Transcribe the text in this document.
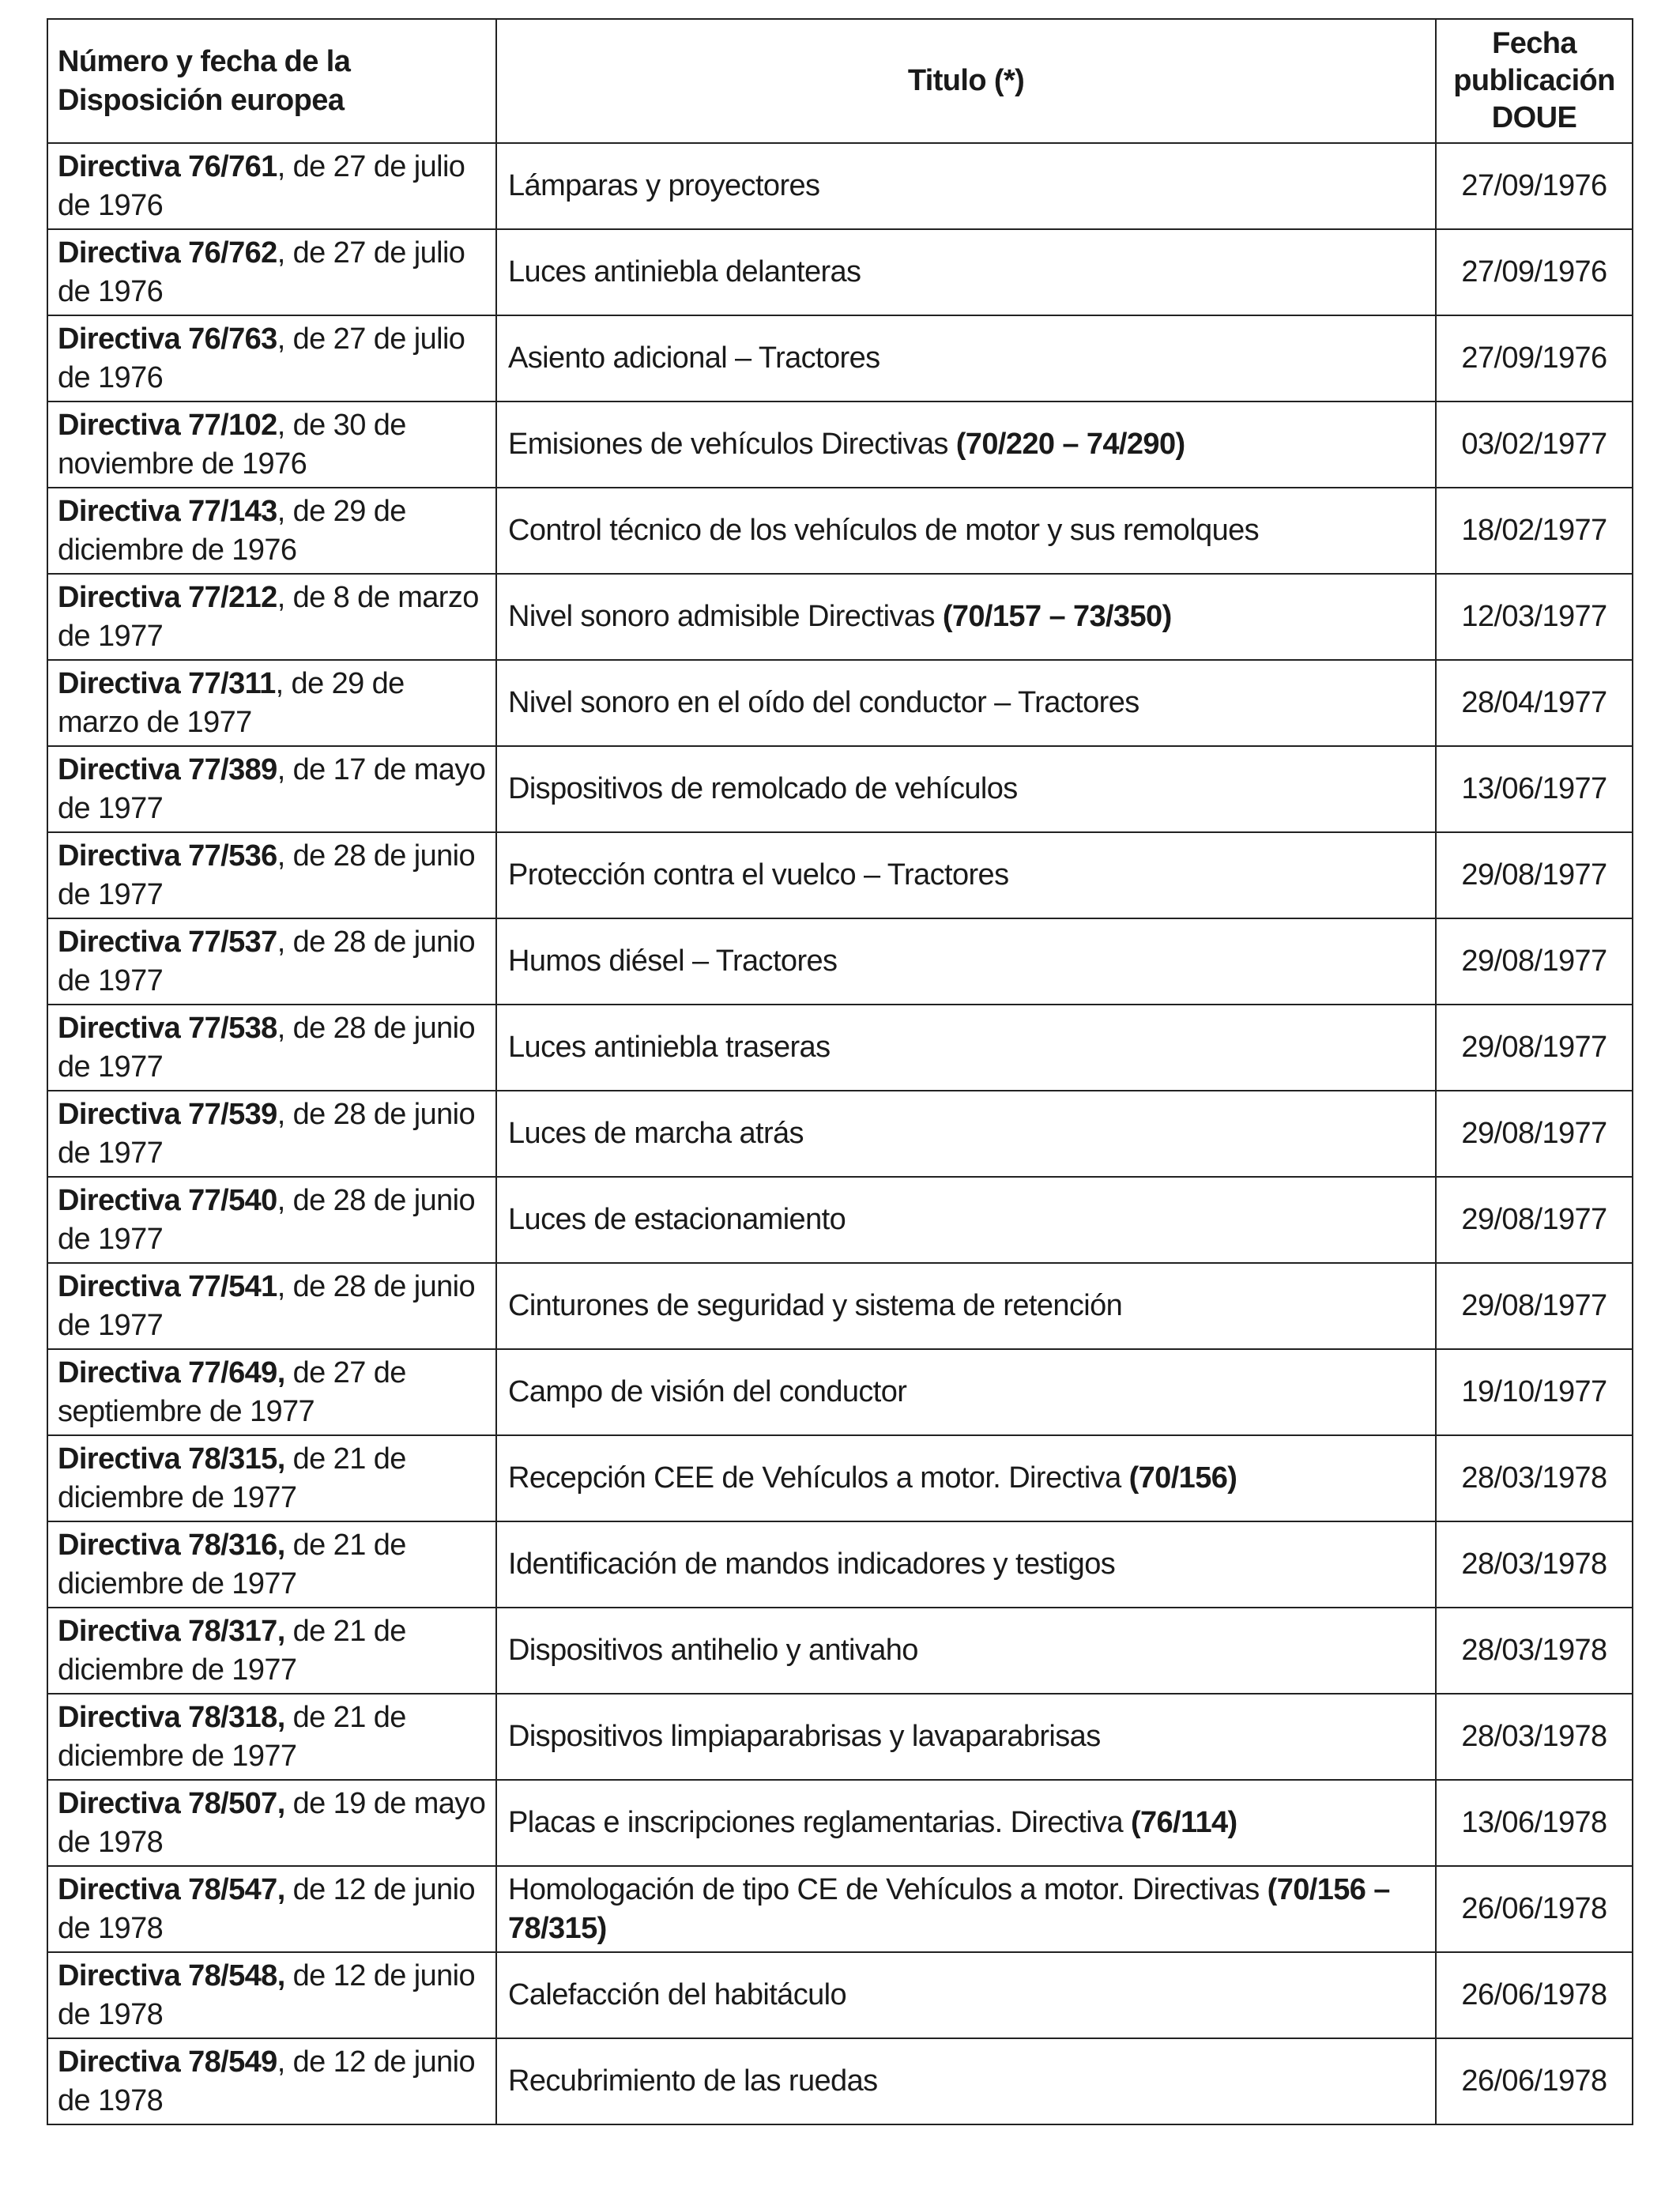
Número y fecha de la
Disposición europea	Titulo (*)	Fecha
publicación
DOUE

Directiva 76/761, de 27 de julio de 1976	Lámparas y proyectores	27/09/1976
Directiva 76/762, de 27 de julio de 1976	Luces antiniebla delanteras	27/09/1976
Directiva 76/763, de 27 de julio de 1976	Asiento adicional – Tractores	27/09/1976
Directiva 77/102, de 30 de noviembre de 1976	Emisiones de vehículos Directivas (70/220 – 74/290)	03/02/1977
Directiva 77/143, de 29 de diciembre de 1976	Control técnico de los vehículos de motor y sus remolques	18/02/1977
Directiva 77/212, de 8 de marzo de 1977	Nivel sonoro admisible Directivas (70/157 – 73/350)	12/03/1977
Directiva 77/311, de 29 de marzo de 1977	Nivel sonoro en el oído del conductor – Tractores	28/04/1977
Directiva 77/389, de 17 de mayo de 1977	Dispositivos de remolcado de vehículos	13/06/1977
Directiva 77/536, de 28 de junio de 1977	Protección contra el vuelco – Tractores	29/08/1977
Directiva 77/537, de 28 de junio de 1977	Humos diésel – Tractores	29/08/1977
Directiva 77/538, de 28 de junio de 1977	Luces antiniebla traseras	29/08/1977
Directiva 77/539, de 28 de junio de 1977	Luces de marcha atrás	29/08/1977
Directiva 77/540, de 28 de junio de 1977	Luces de estacionamiento	29/08/1977
Directiva 77/541, de 28 de junio de 1977	Cinturones de seguridad y sistema de retención	29/08/1977
Directiva 77/649, de 27 de septiembre de 1977	Campo de visión del conductor	19/10/1977
Directiva 78/315, de 21 de diciembre de 1977	Recepción CEE de Vehículos a motor. Directiva (70/156)	28/03/1978
Directiva 78/316, de 21 de diciembre de 1977	Identificación de mandos indicadores y testigos	28/03/1978
Directiva 78/317, de 21 de diciembre de 1977	Dispositivos antihelio y antivaho	28/03/1978
Directiva 78/318, de 21 de diciembre de 1977	Dispositivos limpiaparabrisas y lavaparabrisas	28/03/1978
Directiva 78/507, de 19 de mayo de 1978	Placas e inscripciones reglamentarias. Directiva (76/114)	13/06/1978
Directiva 78/547, de 12 de junio de 1978	Homologación de tipo CE de Vehículos a motor. Directivas (70/156 – 78/315)	26/06/1978
Directiva 78/548, de 12 de junio de 1978	Calefacción del habitáculo	26/06/1978
Directiva 78/549, de 12 de junio de 1978	Recubrimiento de las ruedas	26/06/1978
